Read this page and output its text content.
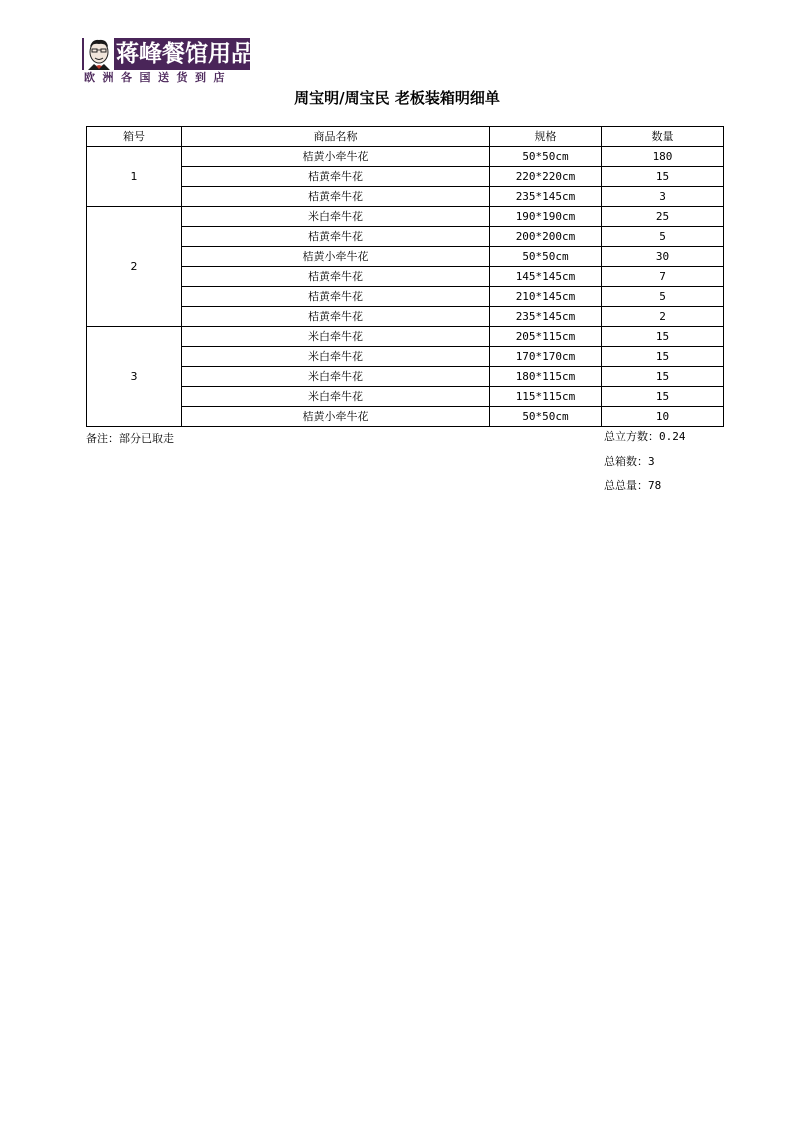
蒋峰餐馆用品
欧洲各国送货到店
周宝明/周宝民 老板装箱明细单
箱号	商品名称	规格	数量
1	桔黄小牵牛花	50*50cm	180
	桔黄牵牛花	220*220cm	15
	桔黄牵牛花	235*145cm	3
2	米白牵牛花	190*190cm	25
	桔黄牵牛花	200*200cm	5
	桔黄小牵牛花	50*50cm	30
	桔黄牵牛花	145*145cm	7
	桔黄牵牛花	210*145cm	5
	桔黄牵牛花	235*145cm	2
3	米白牵牛花	205*115cm	15
	米白牵牛花	170*170cm	15
	米白牵牛花	180*115cm	15
	米白牵牛花	115*115cm	15
	桔黄小牵牛花	50*50cm	10
备注：部分已取走	总立方数：0.24
总箱数：3
总总量：78
